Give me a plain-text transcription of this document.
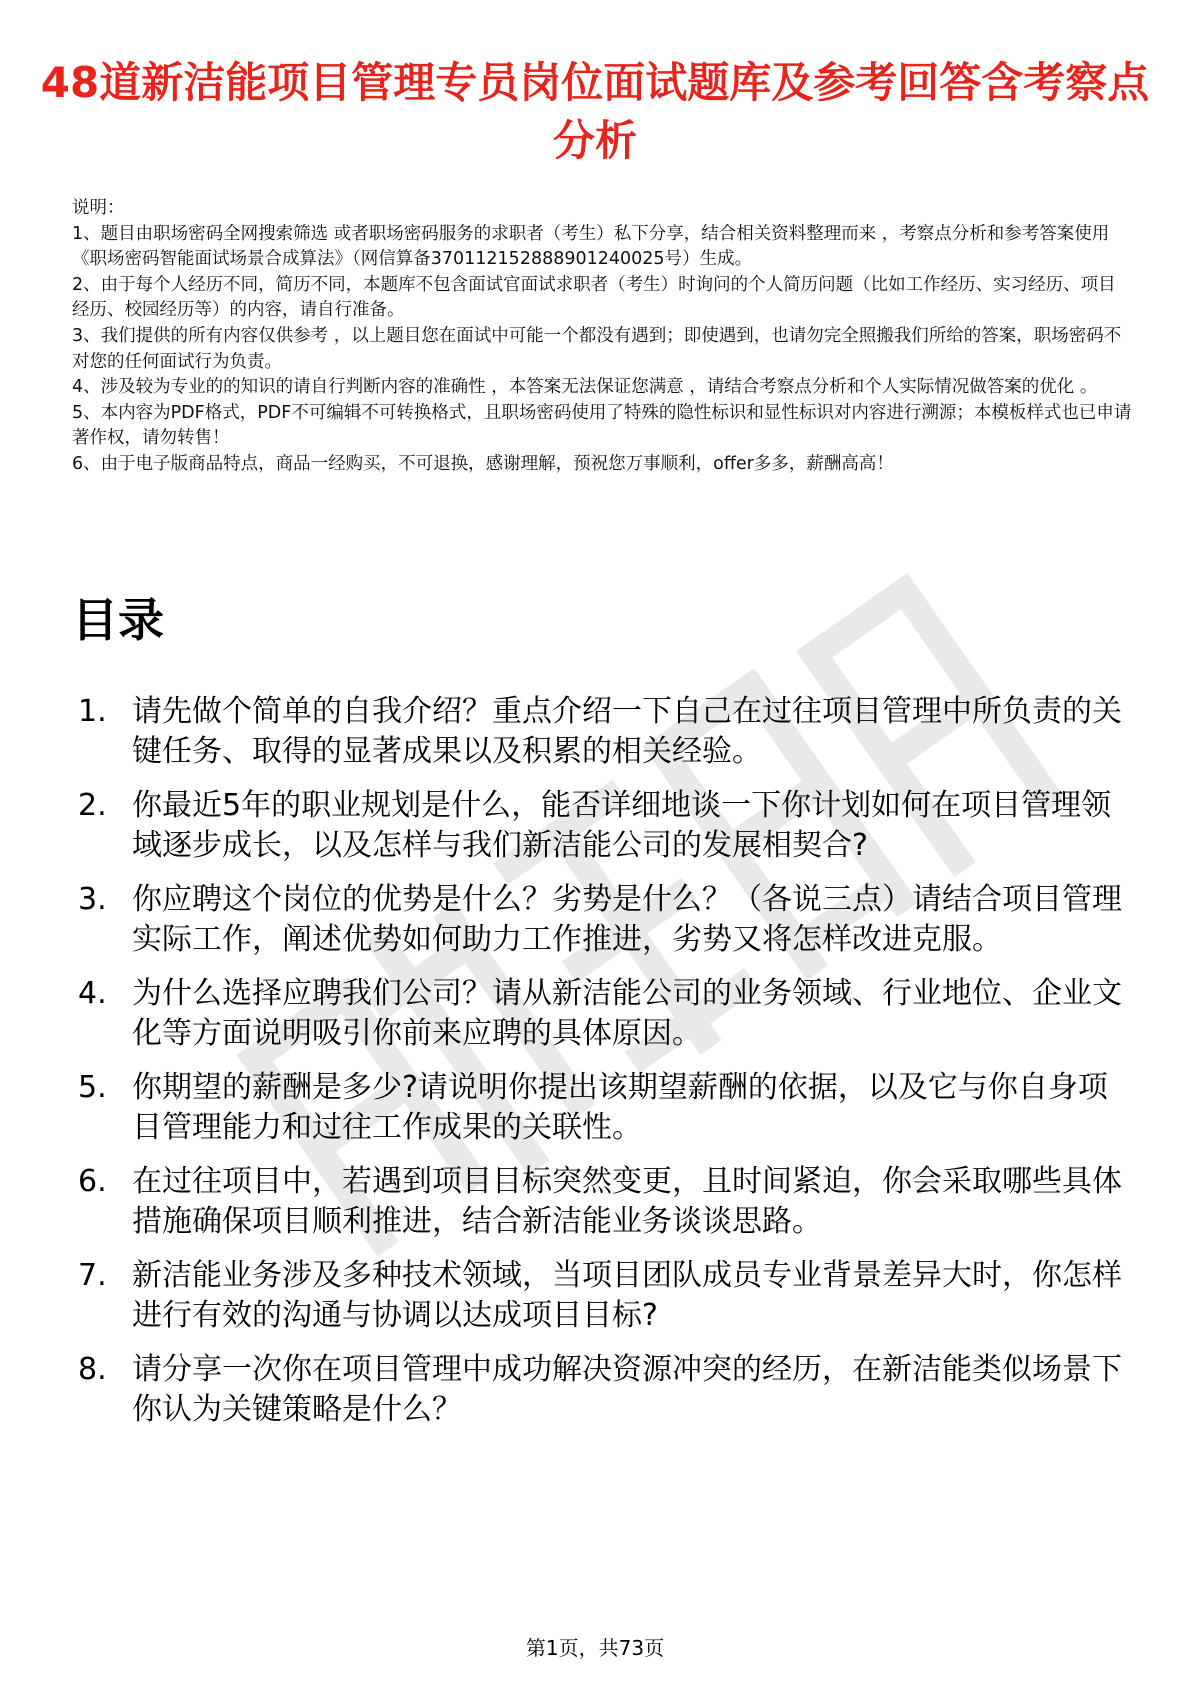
48道新洁能项目管理专员岗位面试题库及参考回答含考察点分析

说明：

1、题目由职场密码全网搜索筛选 或者职场密码服务的求职者（考生）私下分享，结合相关资料整理而来 ，考察点分析和参考答案使用《职场密码智能面试场景合成算法》（网信算备370112152888901240025号）生成。

2、由于每个人经历不同，简历不同，本题库不包含面试官面试求职者（考生）时询问的个人简历问题（比如工作经历、实习经历、项目经历、校园经历等）的内容，请自行准备。

3、我们提供的所有内容仅供参考 ，以上题目您在面试中可能一个都没有遇到；即使遇到，也请勿完全照搬我们所给的答案，职场密码不对您的任何面试行为负责。

4、涉及较为专业的的知识的请自行判断内容的准确性 ，本答案无法保证您满意 ，请结合考察点分析和个人实际情况做答案的优化 。

5、本内容为PDF格式，PDF不可编辑不可转换格式，且职场密码使用了特殊的隐性标识和显性标识对内容进行溯源；本模板样式也已申请著作权，请勿转售！

6、由于电子版商品特点，商品一经购买，不可退换，感谢理解，预祝您万事顺利，offer多多，薪酬高高！

目录
1. 请先做个简单的自我介绍？重点介绍一下自己在过往项目管理中所负责的关键任务、取得的显著成果以及积累的相关经验。
2. 你最近5年的职业规划是什么，能否详细地谈一下你计划如何在项目管理领域逐步成长，以及怎样与我们新洁能公司的发展相契合?
3. 你应聘这个岗位的优势是什么？劣势是什么？（各说三点）请结合项目管理实际工作，阐述优势如何助力工作推进，劣势又将怎样改进克服。
4. 为什么选择应聘我们公司？请从新洁能公司的业务领域、行业地位、企业文化等方面说明吸引你前来应聘的具体原因。
5. 你期望的薪酬是多少?请说明你提出该期望薪酬的依据，以及它与你自身项目管理能力和过往工作成果的关联性。
6. 在过往项目中，若遇到项目目标突然变更，且时间紧迫，你会采取哪些具体措施确保项目顺利推进，结合新洁能业务谈谈思路。
7. 新洁能业务涉及多种技术领域，当项目团队成员专业背景差异大时，你怎样进行有效的沟通与协调以达成项目目标?
8. 请分享一次你在项目管理中成功解决资源冲突的经历，在新洁能类似场景下你认为关键策略是什么？
第1页，共73页
